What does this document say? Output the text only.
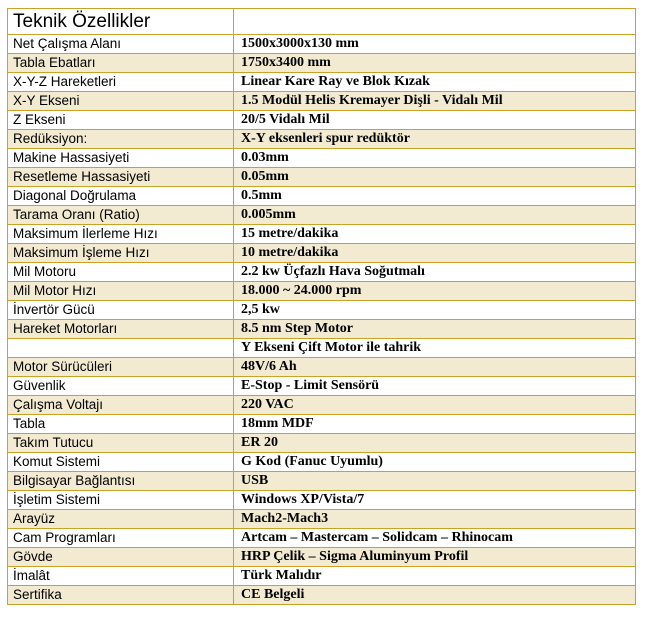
Teknik Özellikler	
Net Çalışma Alanı	1500x3000x130 mm
Tabla Ebatları	1750x3400 mm
X-Y-Z Hareketleri	Linear Kare Ray ve Blok Kızak
X-Y Ekseni	1.5 Modül Helis Kremayer Dişli - Vidalı Mil
Z Ekseni	20/5 Vidalı Mil
Redüksiyon:	X-Y eksenleri spur redüktör
Makine Hassasiyeti	0.03mm
Resetleme Hassasiyeti	0.05mm
Diagonal Doğrulama	0.5mm
Tarama Oranı (Ratio)	0.005mm
Maksimum İlerleme Hızı	15 metre/dakika
Maksimum İşleme Hızı	10 metre/dakika
Mil Motoru	2.2 kw Üçfazlı Hava Soğutmalı
Mil Motor Hızı	18.000 ~ 24.000 rpm
İnvertör Gücü	2,5 kw
Hareket Motorları	8.5 nm Step Motor
	Y Ekseni Çift Motor ile tahrik
Motor Sürücüleri	48V/6 Ah
Güvenlik	E-Stop - Limit Sensörü
Çalışma Voltajı	220 VAC
Tabla	18mm MDF
Takım Tutucu	ER 20
Komut Sistemi	G Kod (Fanuc Uyumlu)
Bilgisayar Bağlantısı	USB
İşletim Sistemi	Windows XP/Vista/7
Arayüz	Mach2-Mach3
Cam Programları	Artcam – Mastercam – Solidcam – Rhinocam
Gövde	HRP Çelik – Sigma Aluminyum Profil
İmalât	Türk Malıdır
Sertifika	CE Belgeli
